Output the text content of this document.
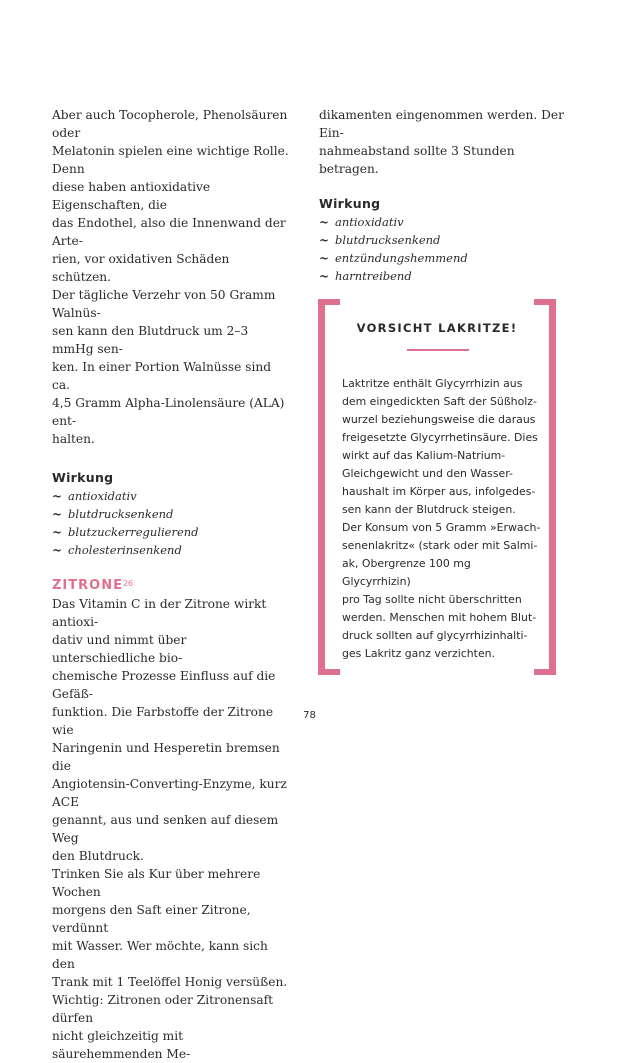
Aber auch Tocopherole, Phenolsäuren oder
Melatonin spielen eine wichtige Rolle. Denn
diese haben antioxidative Eigenschaften, die
das Endothel, also die Innenwand der Arte-
rien, vor oxidativen Schäden schützen.
Der tägliche Verzehr von 50 Gramm Walnüs-
sen kann den Blutdruck um 2–3 mmHg sen-
ken. In einer Portion Walnüsse sind ca.
4,5 Gramm Alpha-Linolensäure (ALA) ent-
halten.

Wirkung

~ antioxidativ
~ blutdrucksenkend
~ blutzuckerregulierend
~ cholesterinsenkend

ZITRONE$^{26}$

Das Vitamin C in der Zitrone wirkt antioxi-
dativ und nimmt über unterschiedliche bio-
chemische Prozesse Einfluss auf die Gefäß-
funktion. Die Farbstoffe der Zitrone wie
Naringenin und Hesperetin bremsen die
Angiotensin-Converting-Enzyme, kurz ACE
genannt, aus und senken auf diesem Weg
den Blutdruck.

Trinken Sie als Kur über mehrere Wochen
morgens den Saft einer Zitrone, verdünnt
mit Wasser. Wer möchte, kann sich den
Trank mit 1 Teelöffel Honig versüßen.

Wichtig: Zitronen oder Zitronensaft dürfen
nicht gleichzeitig mit säurehemmenden Me-

dikamenten eingenommen werden. Der Ein-
nahmeabstand sollte 3 Stunden betragen.

Wirkung

~ antioxidativ
~ blutdrucksenkend
~ entzündungshemmend
~ harntreibend
VORSICHT LAKRITZE!
Laktritze enthält Glycyrrhizin aus
dem eingedickten Saft der Süßholz-
wurzel beziehungsweise die daraus
freigesetzte Glycyrrhetinsäure. Dies
wirkt auf das Kalium-Natrium-
Gleichgewicht und den Wasser-
haushalt im Körper aus, infolgedes-
sen kann der Blutdruck steigen.
Der Konsum von 5 Gramm »Erwach-
senenlakritz« (stark oder mit Salmi-
ak, Obergrenze 100 mg Glycyrrhizin)
pro Tag sollte nicht überschritten
werden. Menschen mit hohem Blut-
druck sollten auf glycyrrhizinhalti-
ges Lakritz ganz verzichten.
78
